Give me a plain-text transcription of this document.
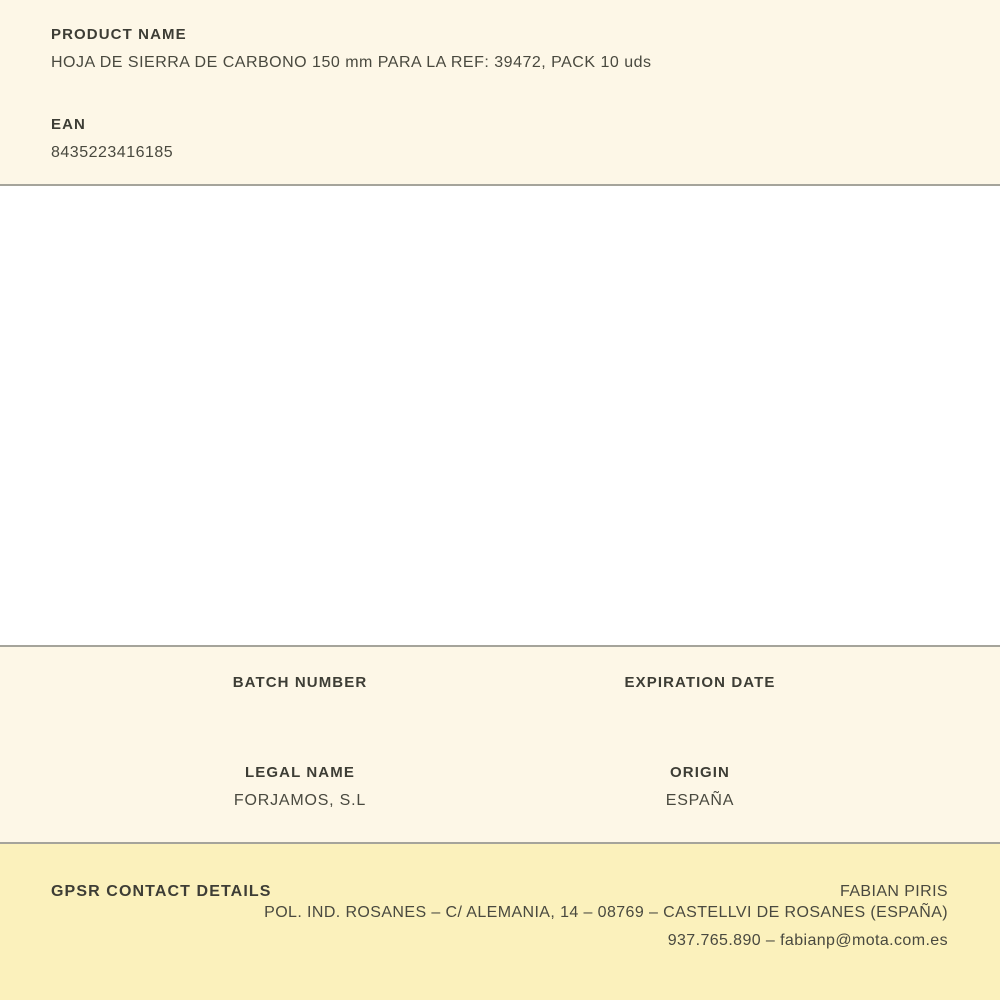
PRODUCT NAME
HOJA DE SIERRA DE CARBONO 150 mm PARA LA REF: 39472, PACK 10 uds
EAN
8435223416185
BATCH NUMBER	EXPIRATION DATE
LEGAL NAME
FORJAMOS, S.L
ORIGIN
ESPAÑA
GPSR CONTACT DETAILS	FABIAN PIRIS
POL. IND. ROSANES – C/ ALEMANIA, 14 – 08769 – CASTELLVI DE ROSANES (ESPAÑA)
937.765.890 – fabianp@mota.com.es
